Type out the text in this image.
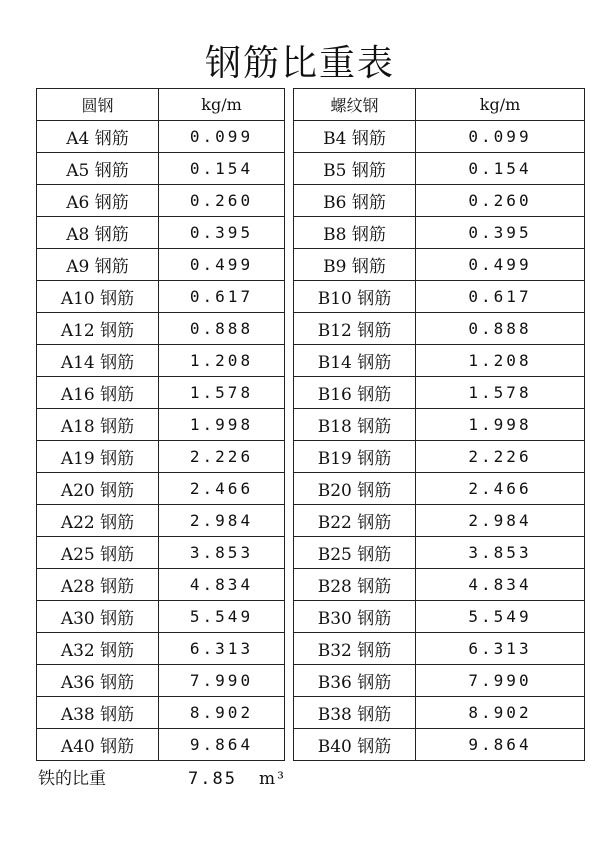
钢筋比重表
圆钢	kg/m
A4 钢筋	0.099
A5 钢筋	0.154
A6 钢筋	0.260
A8 钢筋	0.395
A9 钢筋	0.499
A10 钢筋	0.617
A12 钢筋	0.888
A14 钢筋	1.208
A16 钢筋	1.578
A18 钢筋	1.998
A19 钢筋	2.226
A20 钢筋	2.466
A22 钢筋	2.984
A25 钢筋	3.853
A28 钢筋	4.834
A30 钢筋	5.549
A32 钢筋	6.313
A36 钢筋	7.990
A38 钢筋	8.902
A40 钢筋	9.864
螺纹钢	kg/m
B4 钢筋	0.099
B5 钢筋	0.154
B6 钢筋	0.260
B8 钢筋	0.395
B9 钢筋	0.499
B10 钢筋	0.617
B12 钢筋	0.888
B14 钢筋	1.208
B16 钢筋	1.578
B18 钢筋	1.998
B19 钢筋	2.226
B20 钢筋	2.466
B22 钢筋	2.984
B25 钢筋	3.853
B28 钢筋	4.834
B30 钢筋	5.549
B32 钢筋	6.313
B36 钢筋	7.990
B38 钢筋	8.902
B40 钢筋	9.864
铁的比重	7.85 m³
